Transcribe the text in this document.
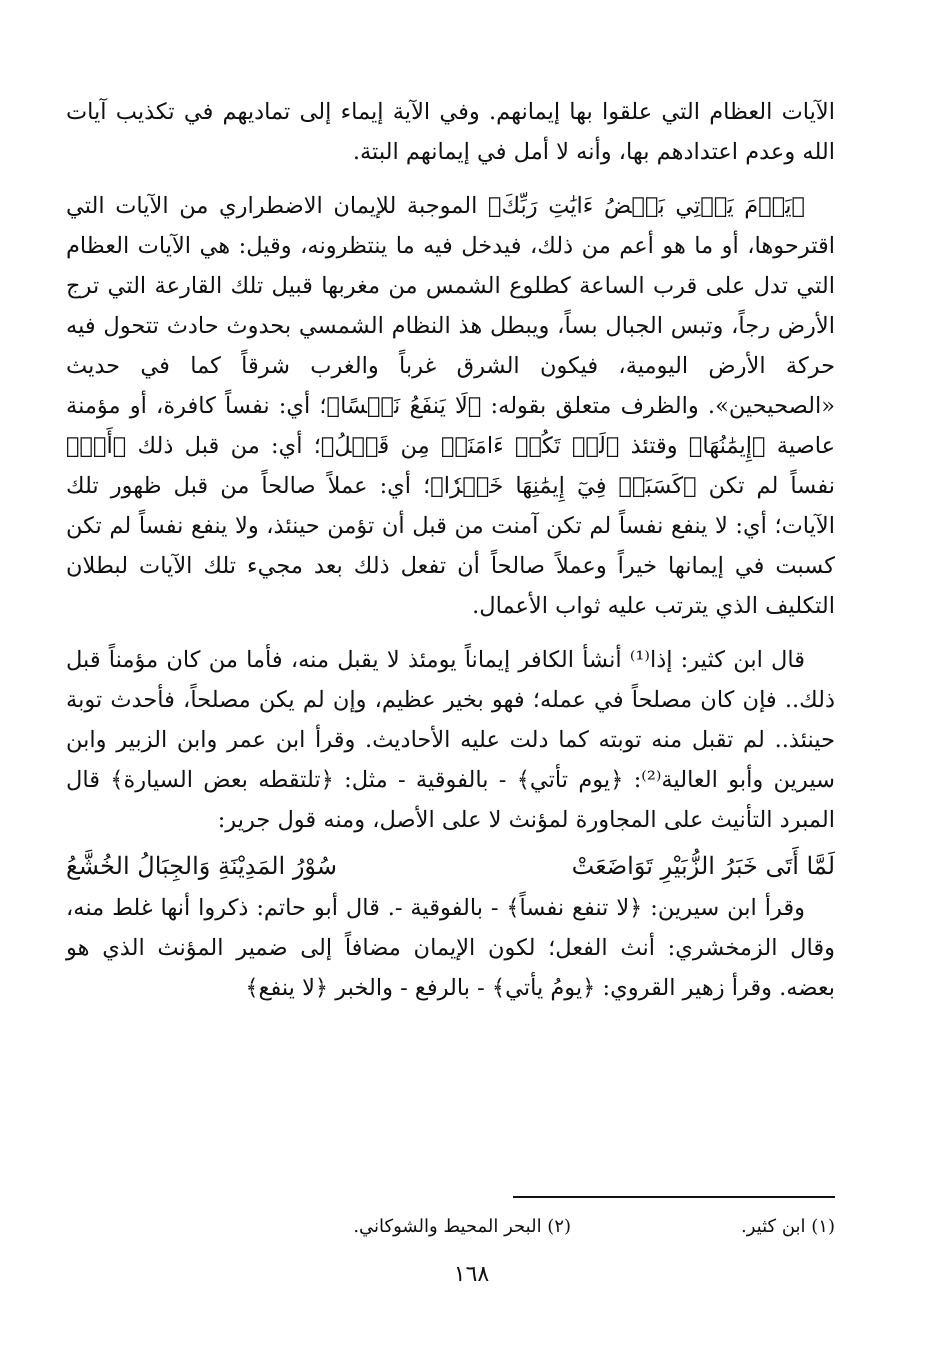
الآيات العظام التي علقوا بها إيمانهم. وفي الآية إيماء إلى تماديهم في تكذيب آيات الله وعدم اعتدادهم بها، وأنه لا أمل في إيمانهم البتة.

﴿يَوۡمَ يَأۡتِي بَعۡضُ ءَايَٰتِ رَبِّكَ﴾ الموجبة للإيمان الاضطراري من الآيات التي اقترحوها، أو ما هو أعم من ذلك، فيدخل فيه ما ينتظرونه، وقيل: هي الآيات العظام التي تدل على قرب الساعة كطلوع الشمس من مغربها قبيل تلك القارعة التي ترج الأرض رجاً، وتبس الجبال بساً، ويبطل هذ النظام الشمسي بحدوث حادث تتحول فيه حركة الأرض اليومية، فيكون الشرق غرباً والغرب شرقاً كما في حديث «الصحيحين». والظرف متعلق بقوله: ﴿لَا يَنفَعُ نَفۡسًا﴾؛ أي: نفساً كافرة، أو مؤمنة عاصية ﴿إِيمَٰنُهَا﴾ وقتئذ ﴿لَمۡ تَكُنۡ ءَامَنَتۡ مِن قَبۡلُ﴾؛ أي: من قبل ذلك ﴿أَوۡ﴾ نفساً لم تكن ﴿كَسَبَتۡ فِيٓ إِيمَٰنِهَا خَيۡرٗا﴾؛ أي: عملاً صالحاً من قبل ظهور تلك الآيات؛ أي: لا ينفع نفساً لم تكن آمنت من قبل أن تؤمن حينئذ، ولا ينفع نفساً لم تكن كسبت في إيمانها خيراً وعملاً صالحاً أن تفعل ذلك بعد مجيء تلك الآيات لبطلان التكليف الذي يترتب عليه ثواب الأعمال.

قال ابن كثير: إذا⁽¹⁾ أنشأ الكافر إيماناً يومئذ لا يقبل منه، فأما من كان مؤمناً قبل ذلك.. فإن كان مصلحاً في عمله؛ فهو بخير عظيم، وإن لم يكن مصلحاً، فأحدث توبة حينئذ.. لم تقبل منه توبته كما دلت عليه الأحاديث. وقرأ ابن عمر وابن الزبير وابن سيرين وأبو العالية⁽²⁾: ﴿يوم تأتي﴾ - بالفوقية - مثل: ﴿تلتقطه بعض السيارة﴾ قال المبرد التأنيث على المجاورة لمؤنث لا على الأصل، ومنه قول جرير:

لَمَّا أَتَى خَبَرُ الزُّبَيْرِ تَوَاضَعَتْ
سُوْرُ المَدِيْنَةِ وَالجِبَالُ الخُشَّعُ

وقرأ ابن سيرين: ﴿لا تنفع نفساً﴾ - بالفوقية -. قال أبو حاتم: ذكروا أنها غلط منه، وقال الزمخشري: أنث الفعل؛ لكون الإيمان مضافاً إلى ضمير المؤنث الذي هو بعضه. وقرأ زهير القروي: ﴿يومُ يأتي﴾ - بالرفع - والخبر ﴿لا ينفع﴾

(١) ابن كثير.
(٢) البحر المحيط والشوكاني.
١٦٨
